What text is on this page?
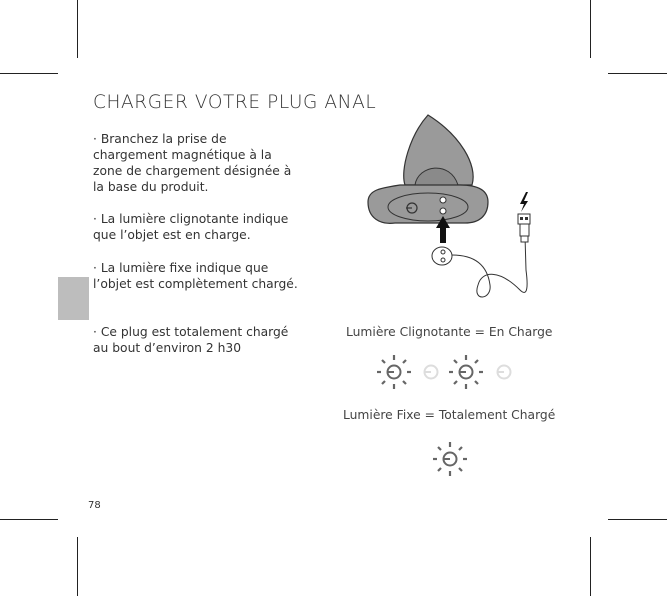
CHARGER VOTRE PLUG ANAL
· Branchez la prise de chargement magnétique à la zone de chargement désignée à la base du produit.
· La lumière clignotante indique que l’objet est en charge.
· La lumière fixe indique que l’objet est complètement chargé.
· Ce plug est totalement chargé au bout d’environ 2 h30
Lumière Clignotante = En Charge
Lumière Fixe = Totalement Chargé
78
